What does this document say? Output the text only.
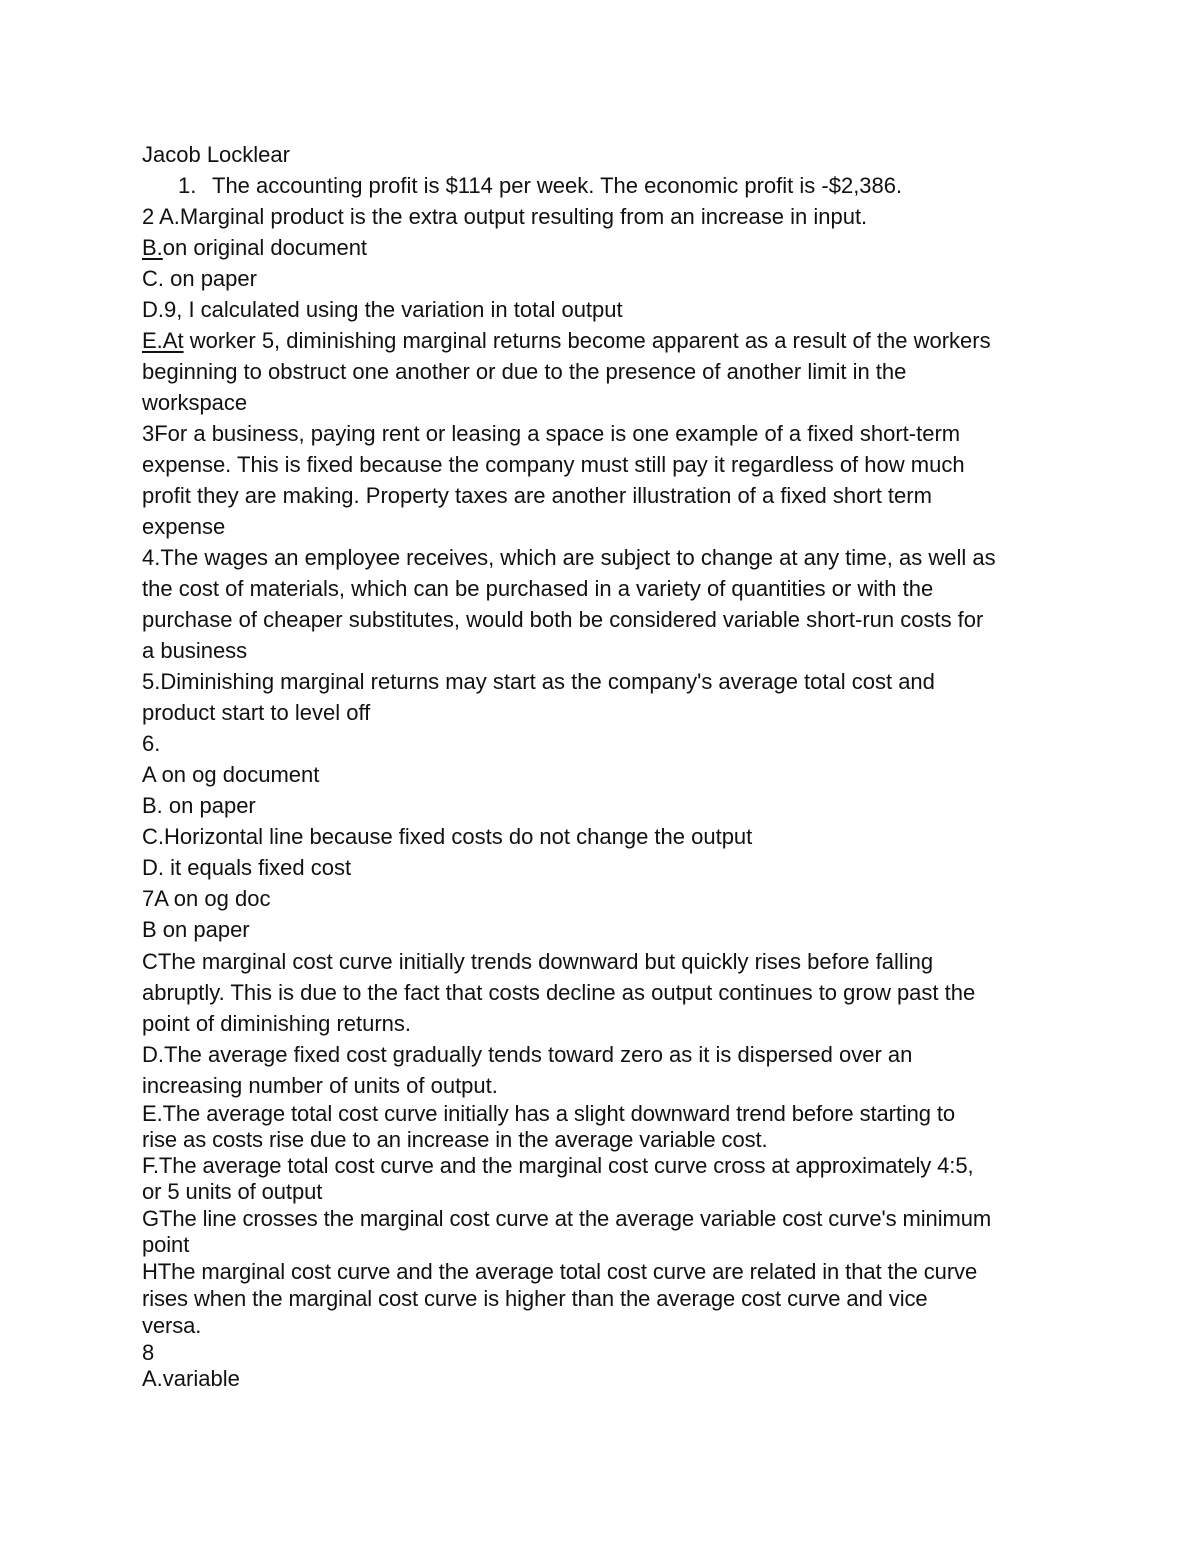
Jacob Locklear

1. The accounting profit is $114 per week. The economic profit is -$2,386.

2 A.Marginal product is the extra output resulting from an increase in input.

B.on original document

C. on paper

D.9, I calculated using the variation in total output

E.At worker 5, diminishing marginal returns become apparent as a result of the workers

beginning to obstruct one another or due to the presence of another limit in the

workspace

3For a business, paying rent or leasing a space is one example of a fixed short-term

expense. This is fixed because the company must still pay it regardless of how much

profit they are making. Property taxes are another illustration of a fixed short term

expense

4.The wages an employee receives, which are subject to change at any time, as well as

the cost of materials, which can be purchased in a variety of quantities or with the

purchase of cheaper substitutes, would both be considered variable short-run costs for

a business

5.Diminishing marginal returns may start as the company's average total cost and

product start to level off

6.

A on og document

B. on paper

C.Horizontal line because fixed costs do not change the output

D. it equals fixed cost

7A on og doc

B on paper

CThe marginal cost curve initially trends downward but quickly rises before falling

abruptly. This is due to the fact that costs decline as output continues to grow past the

point of diminishing returns.

D.The average fixed cost gradually tends toward zero as it is dispersed over an

increasing number of units of output.

E.The average total cost curve initially has a slight downward trend before starting to

rise as costs rise due to an increase in the average variable cost.

F.The average total cost curve and the marginal cost curve cross at approximately 4:5,

or 5 units of output

GThe line crosses the marginal cost curve at the average variable cost curve's minimum

point

HThe marginal cost curve and the average total cost curve are related in that the curve

rises when the marginal cost curve is higher than the average cost curve and vice

versa.

8

A.variable
